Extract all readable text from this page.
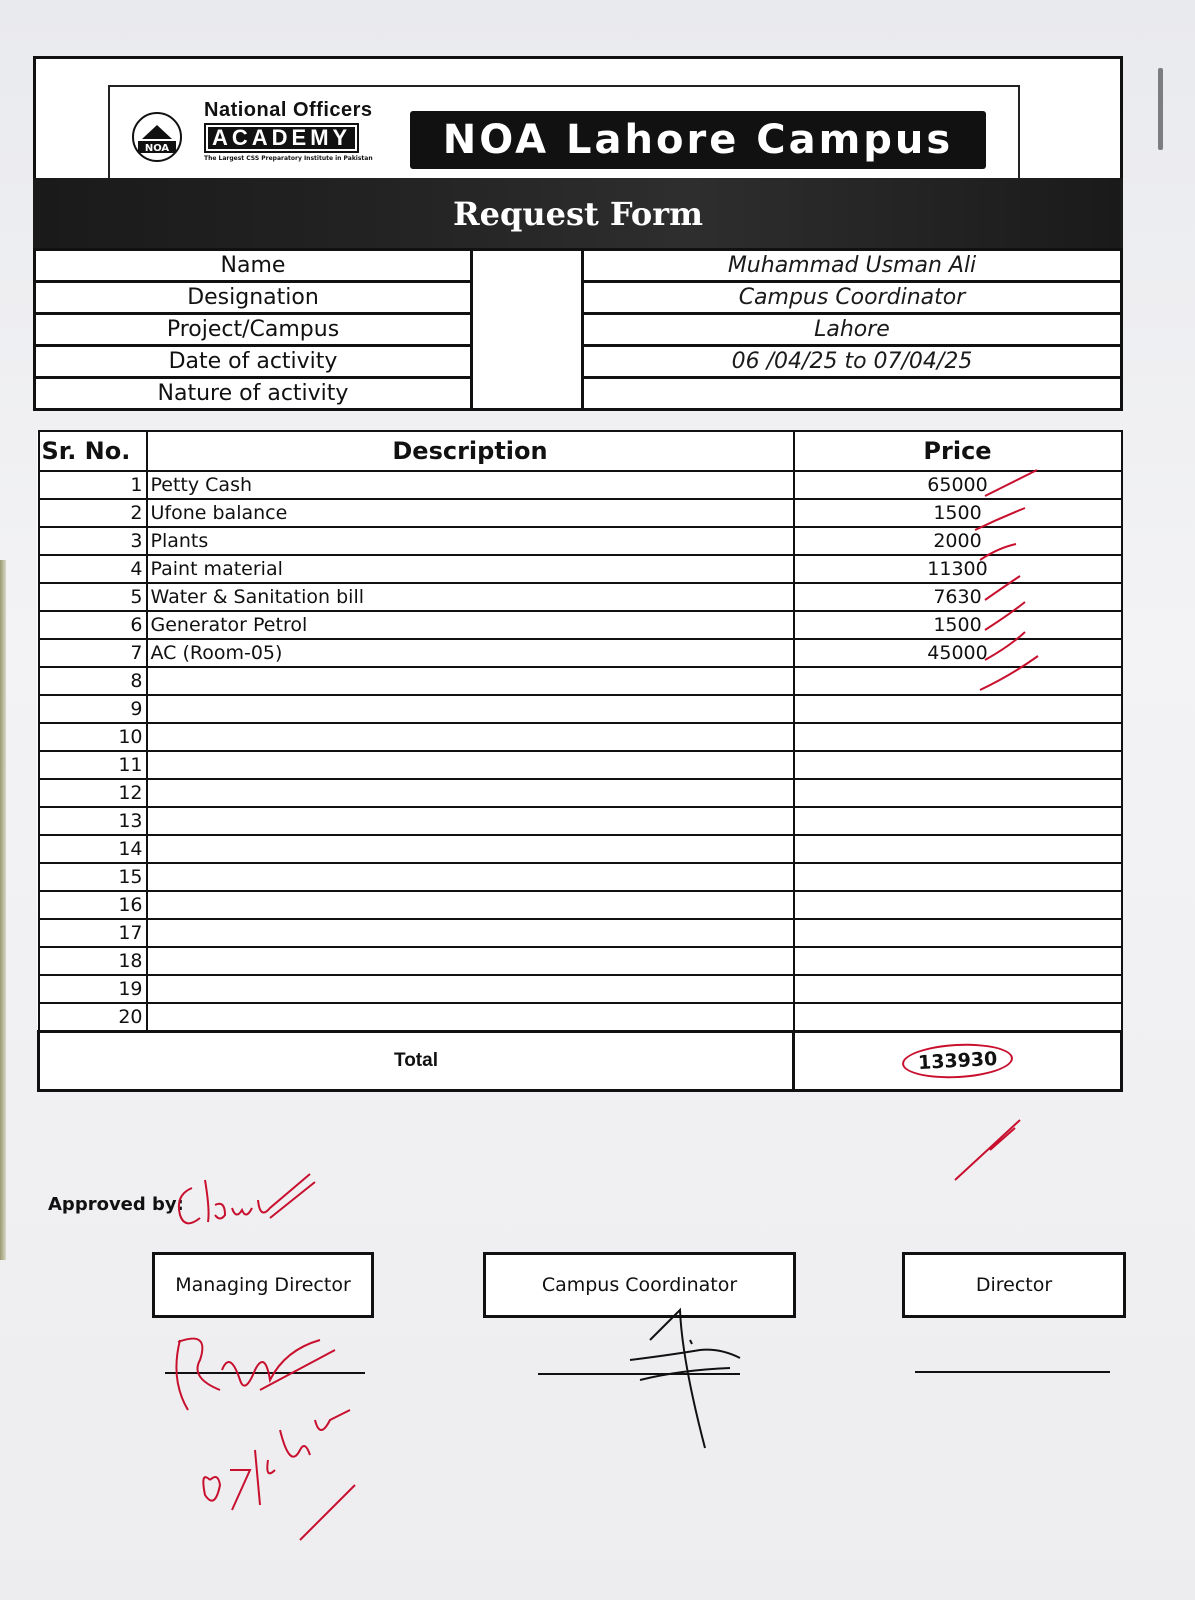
NOA
National Officers
ACADEMY
The Largest CSS Preparatory Institute in Pakistan	NOA Lahore Campus
Request Form
Name		Muhammad Usman Ali
Designation		Campus Coordinator
Project/Campus		Lahore
Date of activity		06 /04/25 to 07/04/25
Nature of activity		
Sr. No.	Description	Price
1	Petty Cash	65000
2	Ufone balance	1500
3	Plants	2000
4	Paint material	11300
5	Water & Sanitation bill	7630
6	Generator Petrol	1500
7	AC (Room-05)	45000
8		
9		
10		
11		
12		
13		
14		
15		
16		
17		
18		
19		
20		
Total		133930
Approved by:
Managing Director	Campus Coordinator	Director
